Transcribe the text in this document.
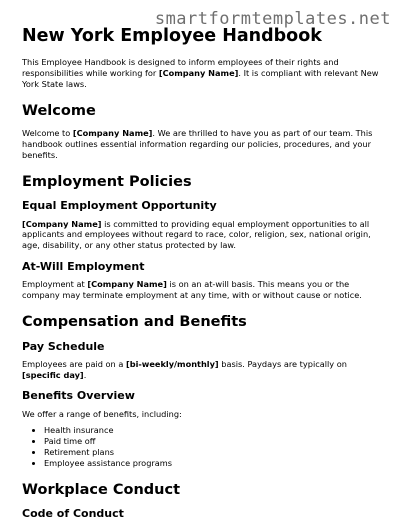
smartformtemplates.net
New York Employee Handbook

This Employee Handbook is designed to inform employees of their rights and responsibilities while working for [Company Name]. It is compliant with relevant New York State laws.

Welcome

Welcome to [Company Name]. We are thrilled to have you as part of our team. This handbook outlines essential information regarding our policies, procedures, and your benefits.

Employment Policies
Equal Employment Opportunity

[Company Name] is committed to providing equal employment opportunities to all applicants and employees without regard to race, color, religion, sex, national origin, age, disability, or any other status protected by law.

At-Will Employment

Employment at [Company Name] is on an at-will basis. This means you or the company may terminate employment at any time, with or without cause or notice.

Compensation and Benefits
Pay Schedule

Employees are paid on a [bi-weekly/monthly] basis. Paydays are typically on [specific day].

Benefits Overview

We offer a range of benefits, including:

• Health insurance
• Paid time off
• Retirement plans
• Employee assistance programs
Workplace Conduct
Code of Conduct
